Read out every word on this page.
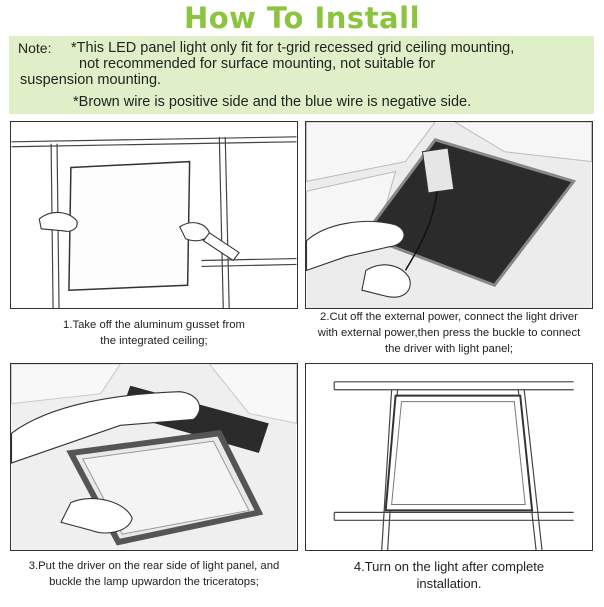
How To Install
Note: *This LED panel light only fit for t-grid recessed grid ceiling mounting,
not recommended for surface mounting, not suitable for
suspension mounting.
*Brown wire is positive side and the blue wire is negative side.
1.Take off the aluminum gusset from
the integrated ceiling;
2.Cut off the external power, connect the light driver
with external power,then press the buckle to connect
the driver with light panel;
3.Put the driver on the rear side of light panel, and
buckle the lamp upwardon the triceratops;
4.Turn on the light after complete
installation.
